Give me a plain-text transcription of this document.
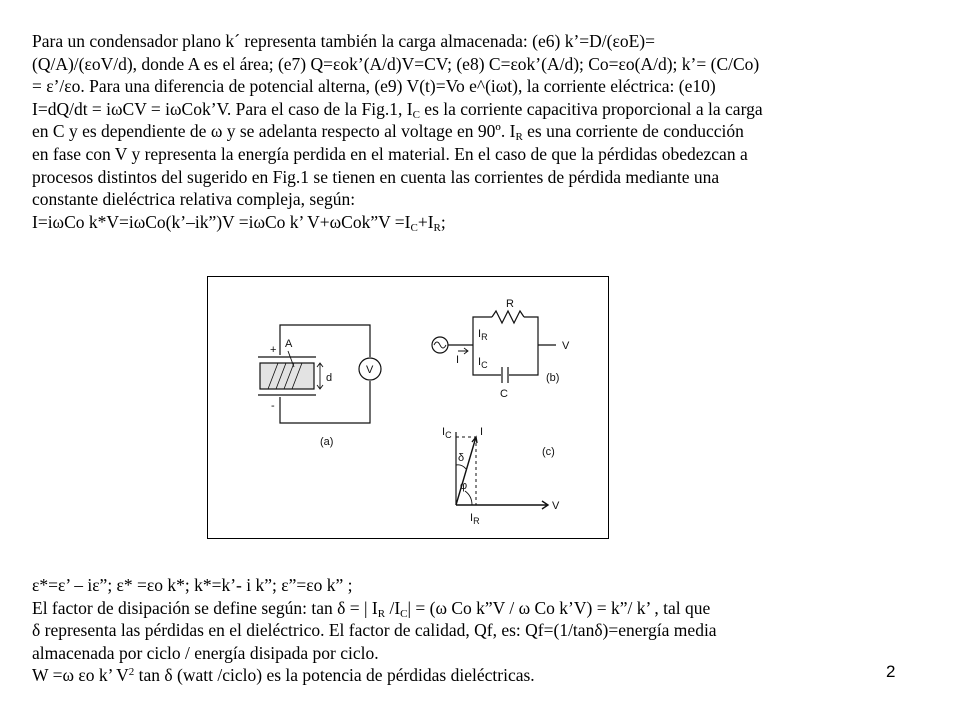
Para un condensador plano k´ representa también la carga almacenada: (e6) k’=D/(εoE)=
(Q/A)/(εoV/d), donde A es el área; (e7) Q=εok’(A/d)V=CV; (e8) C=εok’(A/d); Co=εo(A/d); k’= (C/Co)
= ε’/εo. Para una diferencia de potencial alterna, (e9) V(t)=Vo e^(iωt), la corriente eléctrica: (e10)
I=dQ/dt = iωCV = iωCok’V. Para el caso de la Fig.1, $I_C$ es la corriente capacitiva proporcional a la carga
en C y es dependiente de ω y se adelanta respecto al voltage en 90º. $I_R$ es una corriente de conducción
en fase con V y representa la energía perdida en el material. En el caso de que la pérdidas obedezcan a
procesos distintos del sugerido en Fig.1 se tienen en cuenta las corrientes de pérdida mediante una
constante dieléctrica relativa compleja, según:
I=iωCo k*V=iωCo(k’–ik”)V =iωCo k’ V+ωCok”V $=I_C+I_R$;
+
-
A
d
V
(a)
R
C
V
I
$I_R$
$I_C$
(b)
$I_C$	I
$I_R$
V
δ
φ
(c)
ε*=ε’ – iε”; ε* =εo k*; k*=k’- i k”; ε”=εo k” ;
El factor de disipación se define según: tan δ = | $I_R$ $/I_C| = (\omega$ Co k”V / ω Co k’V) = k”/ k’ , tal que
δ representa las pérdidas en el dieléctrico. El factor de calidad, Qf, es: Qf=(1/tanδ)=energía media
almacenada por ciclo / energía disipada por ciclo.
W =ω εo k’ $V^2$ tan δ (watt /ciclo) es la potencia de pérdidas dieléctricas.	2
